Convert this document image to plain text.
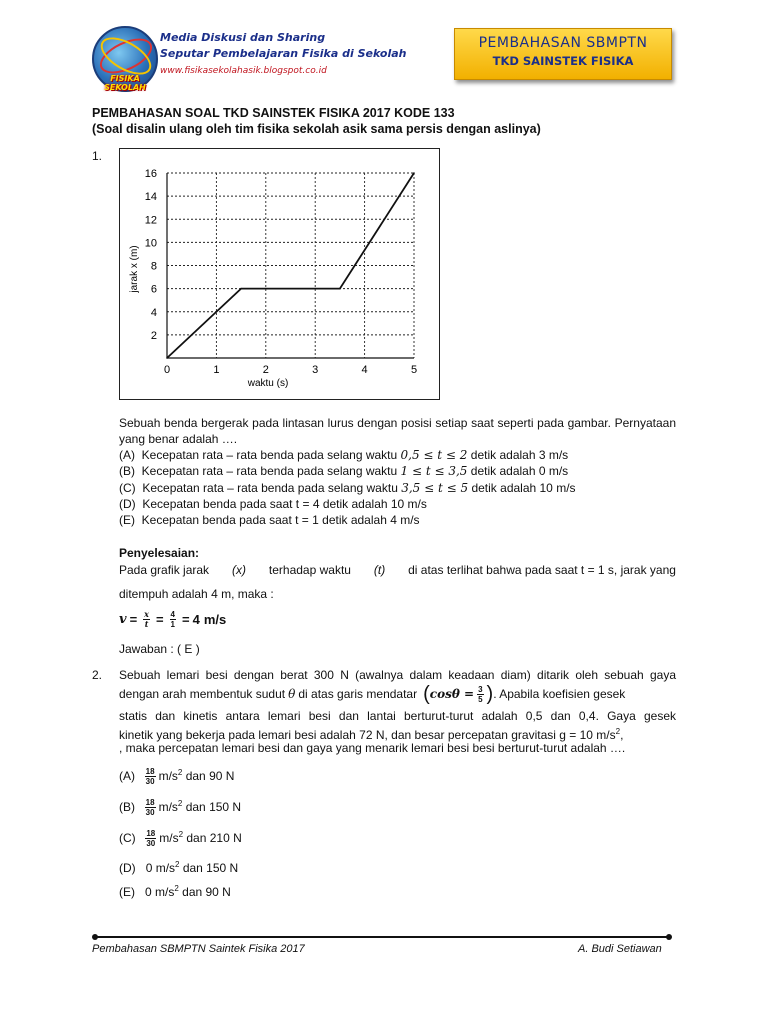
FISIKA SEKOLAH
Media Diskusi dan Sharing
Seputar Pembelajaran Fisika di Sekolah
www.fisikasekolahasik.blogspot.co.id
PEMBAHASAN SBMPTN
TKD SAINSTEK FISIKA
PEMBAHASAN SOAL TKD SAINSTEK FISIKA 2017 KODE 133
(Soal disalin ulang oleh tim fisika sekolah asik sama persis dengan aslinya)
1.
0	1	2	3	4	5
2
4
6
8
10
12
14
16
waktu (s)
jarak x (m)
Sebuah benda bergerak pada lintasan lurus dengan posisi setiap saat seperti pada gambar. Pernyataan yang benar adalah ….
(A) Kecepatan rata – rata benda pada selang waktu 0,5 ≤ t ≤ 2 detik adalah 3 m/s
(B) Kecepatan rata – rata benda pada selang waktu 1 ≤ t ≤ 3,5 detik adalah 0 m/s
(C) Kecepatan rata – rata benda pada selang waktu 3,5 ≤ t ≤ 5 detik adalah 10 m/s
(D) Kecepatan benda pada saat t = 4 detik adalah 10 m/s
(E) Kecepatan benda pada saat t = 1 detik adalah 4 m/s
Penyelesaian:
Pada grafik jarak (x) terhadap waktu (t) di atas terlihat bahwa pada saat t = 1 s, jarak yang
ditempuh adalah 4 m, maka :
$v = \frac{x}{t} = \frac{4}{1} = 4$ m/s
Jawaban : ( E )
2. Sebuah lemari besi dengan berat 300 N (awalnya dalam keadaan diam) ditarik oleh sebuah gaya
dengan arah membentuk sudut θ di atas garis mendatar ( $\cos\theta = \frac{3}{5}$ ) . Apabila koefisien gesek
statis dan kinetis antara lemari besi dan lantai berturut-turut adalah 0,5 dan 0,4. Gaya gesek
kinetik yang bekerja pada lemari besi adalah 72 N, dan besar percepatan gravitasi g = 10 $m/s^2$,
, maka percepatan lemari besi dan gaya yang menarik lemari besi besi berturut-turut adalah ….
$(A) \frac{18}{30} m/s^2$ dan 90 N
$(B) \frac{18}{30} m/s^2$ dan 150 N
$(C) \frac{18}{30} m/s^2$ dan 210 N
(D) 0 $m/s^2$ dan 150 N
(E) 0 $m/s^2$ dan 90 N
Pembahasan SBMPTN Saintek Fisika 2017	A. Budi Setiawan
